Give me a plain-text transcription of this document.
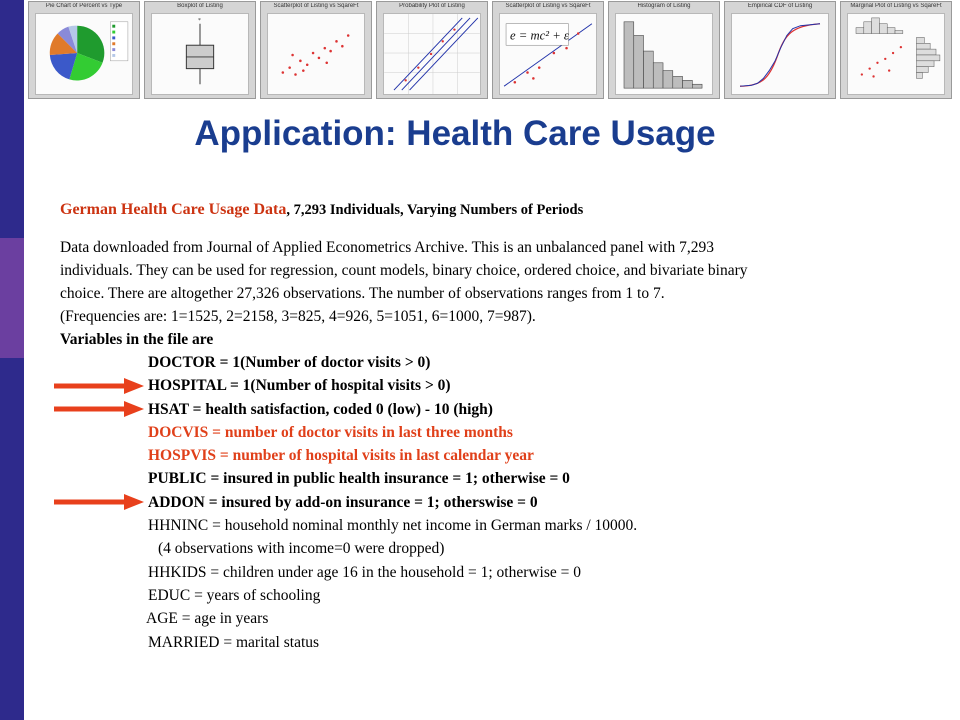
Pie Chart of Percent vs Type	Boxplot of Listing
*
Scatterplot of Listing vs SqareFt	Probability Plot of Listing	Scatterplot of Listing vs SqareFt
e = mc² + ε
Histogram of Listing	Empirical CDF of Listing	Marginal Plot of Listing vs SqareFt
Application: Health Care Usage
German Health Care Usage Data, 7,293 Individuals, Varying Numbers of Periods
Data downloaded from Journal of Applied Econometrics Archive. This is an unbalanced panel with 7,293
individuals. They can be used for regression, count models, binary choice, ordered choice, and bivariate binary
choice. There are altogether 27,326 observations. The number of observations ranges from 1 to 7.
(Frequencies are: 1=1525, 2=2158, 3=825, 4=926, 5=1051, 6=1000, 7=987).
Variables in the file are
DOCTOR = 1(Number of doctor visits > 0)
HOSPITAL = 1(Number of hospital visits > 0)
HSAT = health satisfaction, coded 0 (low) - 10 (high)
DOCVIS = number of doctor visits in last three months
HOSPVIS = number of hospital visits in last calendar year
PUBLIC = insured in public health insurance = 1; otherwise = 0
ADDON = insured by add-on insurance = 1; otherswise = 0
HHNINC = household nominal monthly net income in German marks / 10000.
(4 observations with income=0 were dropped)
HHKIDS = children under age 16 in the household = 1; otherwise = 0
EDUC = years of schooling
AGE = age in years
MARRIED = marital status
